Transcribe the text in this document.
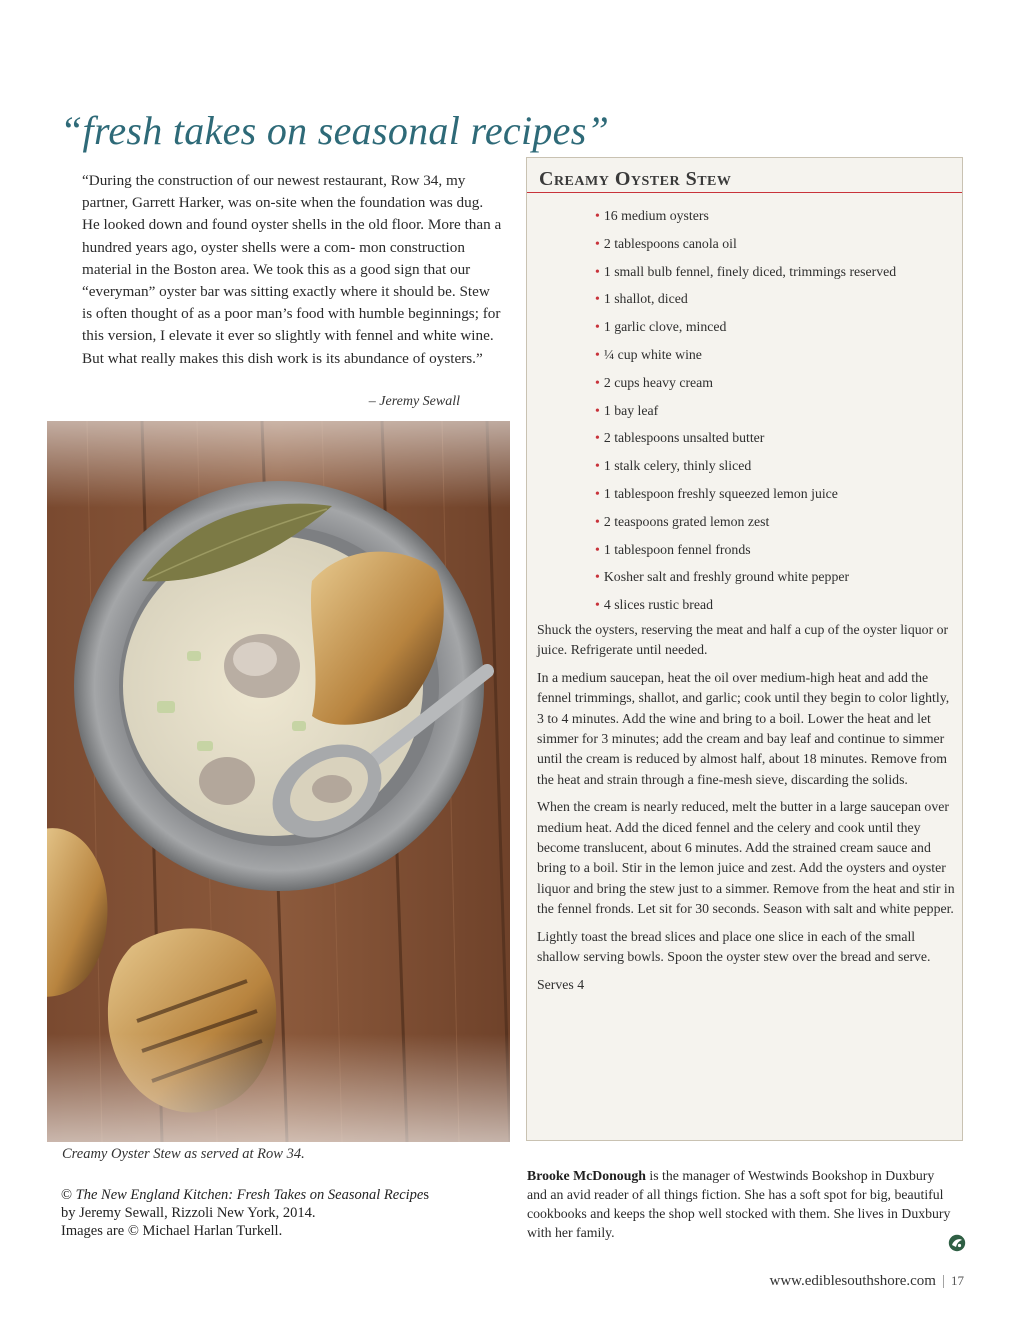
“fresh takes on seasonal recipes”
“During the construction of our newest restaurant, Row 34, my partner, Garrett Harker, was on-site when the foundation was dug. He looked down and found oyster shells in the old floor. More than a hundred years ago, oyster shells were a com- mon construction material in the Boston area. We took this as a good sign that our “everyman” oyster bar was sitting exactly where it should be. Stew is often thought of as a poor man’s food with humble beginnings; for this version, I elevate it ever so slightly with fennel and white wine. But what really makes this dish work is its abundance of oysters.”
– Jeremy Sewall
Creamy Oyster Stew as served at Row 34.
© The New England Kitchen: Fresh Takes on Seasonal Recipes
by Jeremy Sewall, Rizzoli New York, 2014.
Images are © Michael Harlan Turkell.
Creamy Oyster Stew
• 16 medium oysters
• 2 tablespoons canola oil
• 1 small bulb fennel, finely diced, trimmings reserved
• 1 shallot, diced
• 1 garlic clove, minced
• ¼ cup white wine
• 2 cups heavy cream
• 1 bay leaf
• 2 tablespoons unsalted butter
• 1 stalk celery, thinly sliced
• 1 tablespoon freshly squeezed lemon juice
• 2 teaspoons grated lemon zest
• 1 tablespoon fennel fronds
• Kosher salt and freshly ground white pepper
• 4 slices rustic bread

Shuck the oysters, reserving the meat and half a cup of the oyster liquor or juice. Refrigerate until needed.

In a medium saucepan, heat the oil over medium-high heat and add the fennel trimmings, shallot, and garlic; cook until they begin to color lightly, 3 to 4 minutes. Add the wine and bring to a boil. Lower the heat and let simmer for 3 minutes; add the cream and bay leaf and continue to simmer until the cream is reduced by almost half, about 18 minutes. Remove from the heat and strain through a fine-mesh sieve, discarding the solids.

When the cream is nearly reduced, melt the butter in a large saucepan over medium heat. Add the diced fennel and the celery and cook until they become translucent, about 6 minutes. Add the strained cream sauce and bring to a boil. Stir in the lemon juice and zest. Add the oysters and oyster liquor and bring the stew just to a simmer. Remove from the heat and stir in the fennel fronds. Let sit for 30 seconds. Season with salt and white pepper.

Lightly toast the bread slices and place one slice in each of the small shallow serving bowls. Spoon the oyster stew over the bread and serve.

Serves 4

Brooke McDonough is the manager of Westwinds Bookshop in Duxbury and an avid reader of all things fiction. She has a soft spot for big, beautiful cookbooks and keeps the shop well stocked with them. She lives in Duxbury with her family.
www.ediblesouthshore.com | 17
